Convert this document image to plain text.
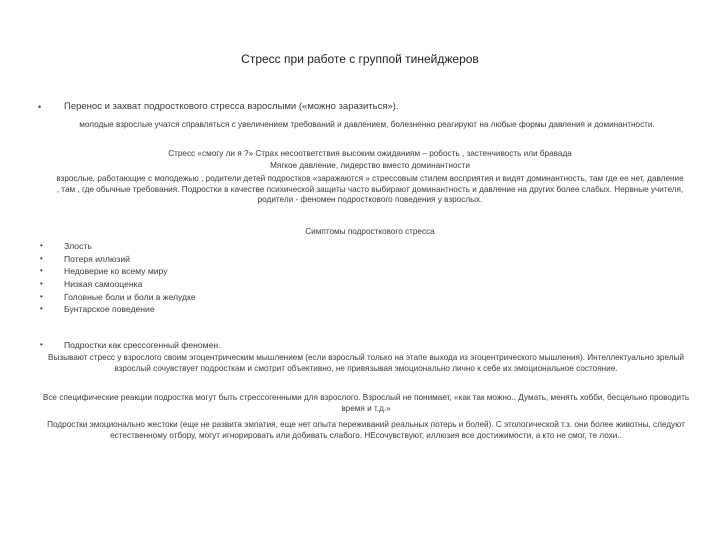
Стресс при работе с группой тинейджеров
• Перенос и захват подросткового стресса взрослыми («можно заразиться»).
молодые взрослые учатся справляться с увеличением требований и давлением, болезненно реагируют на любые формы давления и доминантности.
Стресс «смогу ли я ?» Страх несоответствия высоким ожиданиям – робость , застенчивость или бравада
Мягкое давление, лидерство вместо доминантности
взрослые, работающие с молодежью , родители детей подростков «заражаются » стрессовым стилем восприятия и видят доминантность, там где ее нет, давление , там , где обычные требования. Подростки в качестве психической защиты часто выбирают доминантность и давление на других более слабых. Нервные учителя, родители - феномен подросткового поведения у взрослых.
Симптомы подросткового стресса
• Злость
• Потеря иллюзий
• Недоверие ко всему миру
• Низкая самооценка
• Головные боли и боли в желудке
• Бунтарское поведение
• Подростки как срессогенный феномен.
Вызывают стресс у взрослого своим эгоцентрическим мышлением (если взрослый только на этапе выхода из эгоцентрического мышления). Интеллектуально зрелый взрослый сочувствует подросткам и смотрит объективно, не привязывая эмоционально лично к себе их эмоциональное состояние.
Все специфические реакции подростка могут быть стрессогенными для взрослого. Взрослый не понимает, «как так можно.. Думать, менять хобби, бесцельно проводить время и т.д.»
Подростки эмоционально жестоки (еще не развита эмпатия, еще нет опыта переживаний реальных потерь и болей). С этологической т.з. они более животны, следуют естественному отбору, могут игнорировать или добивать слабого. НЕсочувствуют, иллюзия все достижимости, а кто не смог, те лохи..
